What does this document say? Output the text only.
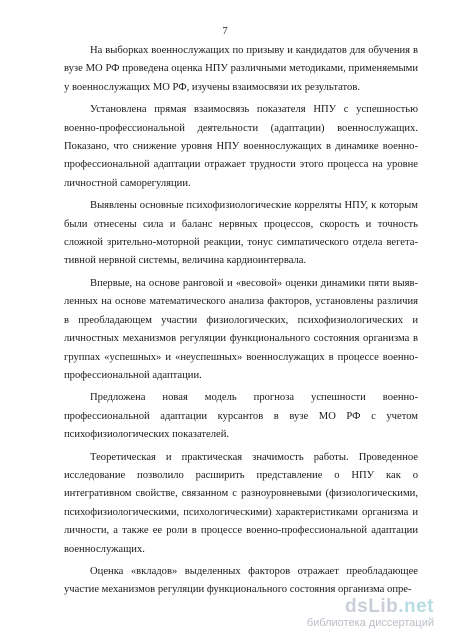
7

На выборках военнослужащих по призыву и кандидатов для обучения в вузе МО РФ проведена оценка НПУ различными методиками, применяемыми у военнослужащих МО РФ, изучены взаимосвязи их результатов.

Установлена прямая взаимосвязь показателя НПУ с успешностью военно-профессиональной деятельности (адаптации) военнослужащих. Показано, что снижение уровня НПУ военнослужащих в динамике военно-профессиональной адаптации отражает трудности этого процесса на уровне личностной саморегуляции.

Выявлены основные психофизиологические корреляты НПУ, к которым были отнесены сила и баланс нервных процессов, скорость и точность сложной зрительно-моторной реакции, тонус симпатического отдела вегетативной нервной системы, величина кардиоинтервала.

Впервые, на основе ранговой и «весовой» оценки динамики пяти выявленных на основе математического анализа факторов, установлены различия в преобладающем участии физиологических, психофизиологических и личностных механизмов регуляции функционального состояния организма в группах «успешных» и «неуспешных» военнослужащих в процессе военно-профессиональной адаптации.

Предложена новая модель прогноза успешности военно-профессиональной адаптации курсантов в вузе МО РФ с учетом психофизиологических показателей.

Теоретическая и практическая значимость работы. Проведенное исследование позволило расширить представление о НПУ как о интегративном свойстве, связанном с разноуровневыми (физиологическими, психофизиологическими, психологическими) характеристиками организма и личности, а также ее роли в процессе военно-профессиональной адаптации военнослужащих.

Оценка «вкладов» выделенных факторов отражает преобладающее участие механизмов регуляции функционального состояния организма опре-

dsLib.net
библиотека диссертаций
